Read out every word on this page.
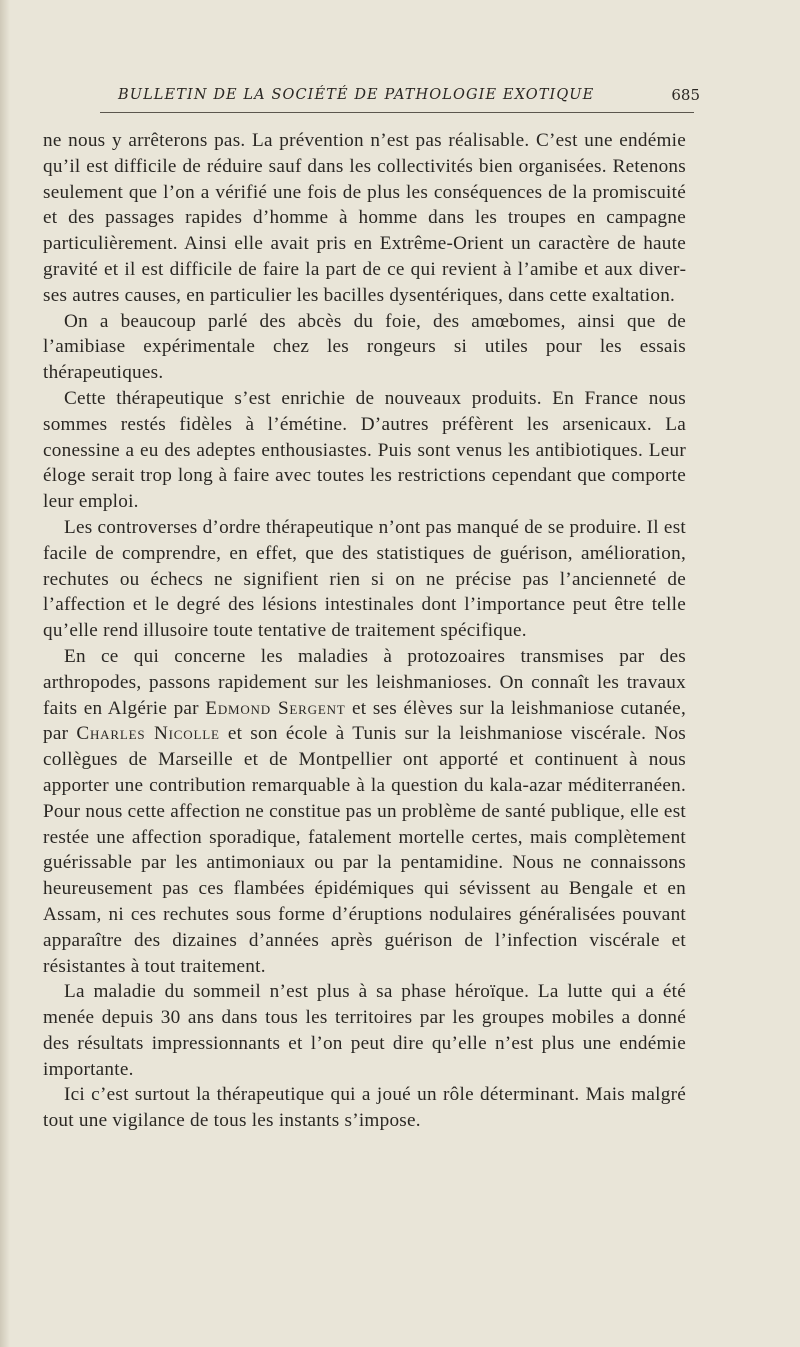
BULLETIN DE LA SOCIÉTÉ DE PATHOLOGIE EXOTIQUE	685

ne nous y arrêterons pas. La prévention n’est pas réalisable. C’est une endémie qu’il est difficile de réduire sauf dans les collectivités bien organisées. Retenons seulement que l’on a vérifié une fois de plus les conséquences de la promiscuité et des passages rapides d’homme à homme dans les troupes en campagne particulièrement. Ainsi elle avait pris en Extrême-Orient un caractère de haute gravité et il est difficile de faire la part de ce qui revient à l’amibe et aux diverses autres causes, en particulier les bacilles dysentériques, dans cette exaltation.

On a beaucoup parlé des abcès du foie, des amœbomes, ainsi que de l’amibiase expérimentale chez les rongeurs si utiles pour les essais thérapeutiques.

Cette thérapeutique s’est enrichie de nouveaux produits. En France nous sommes restés fidèles à l’émétine. D’autres préfèrent les arsenicaux. La conessine a eu des adeptes enthousiastes. Puis sont venus les antibiotiques. Leur éloge serait trop long à faire avec toutes les restrictions cependant que comporte leur emploi.

Les controverses d’ordre thérapeutique n’ont pas manqué de se produire. Il est facile de comprendre, en effet, que des statistiques de guérison, amélioration, rechutes ou échecs ne signifient rien si on ne précise pas l’ancienneté de l’affection et le degré des lésions intestinales dont l’importance peut être telle qu’elle rend illusoire toute tentative de traitement spécifique.

En ce qui concerne les maladies à protozoaires transmises par des arthropodes, passons rapidement sur les leishmanioses. On connaît les travaux faits en Algérie par Edmond Sergent et ses élèves sur la leishmaniose cutanée, par Charles Nicolle et son école à Tunis sur la leishmaniose viscérale. Nos collègues de Marseille et de Montpellier ont apporté et continuent à nous apporter une contribution remarquable à la question du kala-azar méditerranéen. Pour nous cette affection ne constitue pas un problème de santé publique, elle est restée une affection sporadique, fatalement mortelle certes, mais complètement guérissable par les antimoniaux ou par la pentamidine. Nous ne connaissons heureusement pas ces flambées épidémiques qui sévissent au Bengale et en Assam, ni ces rechutes sous forme d’éruptions nodulaires généralisées pouvant apparaître des dizaines d’années après guérison de l’infection viscérale et résistantes à tout traitement.

La maladie du sommeil n’est plus à sa phase héroïque. La lutte qui a été menée depuis 30 ans dans tous les territoires par les groupes mobiles a donné des résultats impressionnants et l’on peut dire qu’elle n’est plus une endémie importante.

Ici c’est surtout la thérapeutique qui a joué un rôle déterminant. Mais malgré tout une vigilance de tous les instants s’impose.
